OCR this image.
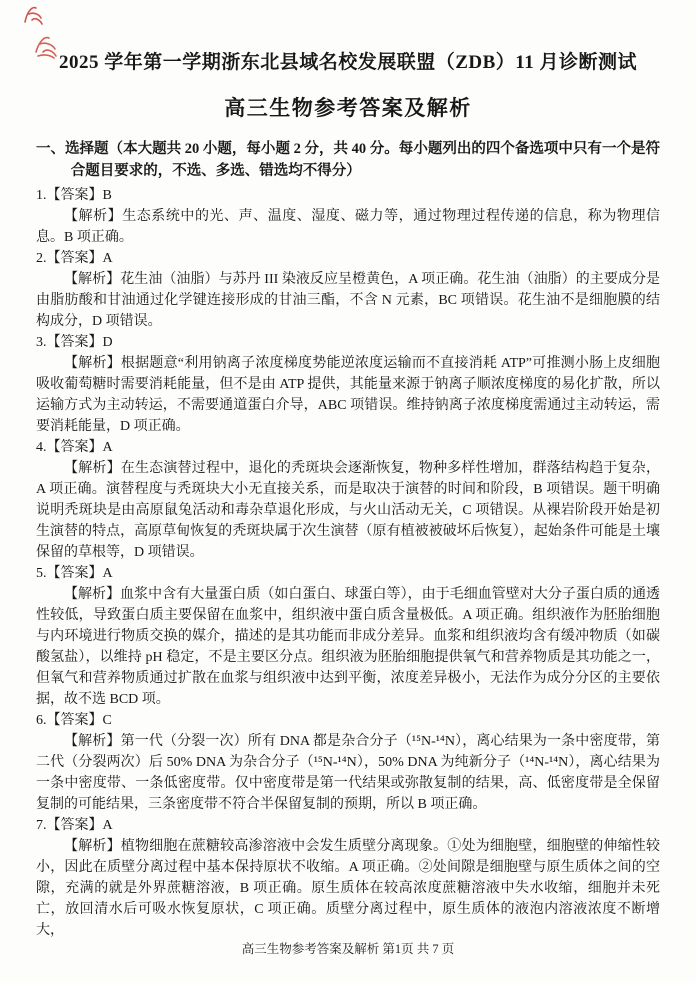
2025 学年第一学期浙东北县域名校发展联盟（ZDB）11 月诊断测试
高三生物参考答案及解析

一、选择题（本大题共 20 小题，每小题 2 分，共 40 分。每小题列出的四个备选项中只有一个是符合题目要求的，不选、多选、错选均不得分）

1.【答案】B

【解析】生态系统中的光、声、温度、湿度、磁力等，通过物理过程传递的信息，称为物理信息。B 项正确。

2.【答案】A

【解析】花生油（油脂）与苏丹 III 染液反应呈橙黄色，A 项正确。花生油（油脂）的主要成分是由脂肪酸和甘油通过化学键连接形成的甘油三酯，不含 N 元素，BC 项错误。花生油不是细胞膜的结构成分，D 项错误。

3.【答案】D

【解析】根据题意“利用钠离子浓度梯度势能逆浓度运输而不直接消耗 ATP”可推测小肠上皮细胞吸收葡萄糖时需要消耗能量，但不是由 ATP 提供，其能量来源于钠离子顺浓度梯度的易化扩散，所以运输方式为主动转运，不需要通道蛋白介导，ABC 项错误。维持钠离子浓度梯度需通过主动转运，需要消耗能量，D 项正确。

4.【答案】A

【解析】在生态演替过程中，退化的秃斑块会逐渐恢复，物种多样性增加，群落结构趋于复杂，A 项正确。演替程度与秃斑块大小无直接关系，而是取决于演替的时间和阶段，B 项错误。题干明确说明秃斑块是由高原鼠兔活动和毒杂草退化形成，与火山活动无关，C 项错误。从裸岩阶段开始是初生演替的特点，高原草甸恢复的秃斑块属于次生演替（原有植被被破坏后恢复），起始条件可能是土壤保留的草根等，D 项错误。

5.【答案】A

【解析】血浆中含有大量蛋白质（如白蛋白、球蛋白等），由于毛细血管壁对大分子蛋白质的通透性较低，导致蛋白质主要保留在血浆中，组织液中蛋白质含量极低。A 项正确。组织液作为胚胎细胞与内环境进行物质交换的媒介，描述的是其功能而非成分差异。血浆和组织液均含有缓冲物质（如碳酸氢盐），以维持 pH 稳定，不是主要区分点。组织液为胚胎细胞提供氧气和营养物质是其功能之一，但氧气和营养物质通过扩散在血浆与组织液中达到平衡，浓度差异极小，无法作为成分分区的主要依据，故不选 BCD 项。

6.【答案】C

【解析】第一代（分裂一次）所有 DNA 都是杂合分子（¹⁵N-¹⁴N），离心结果为一条中密度带，第二代（分裂两次）后 50% DNA 为杂合分子（¹⁵N-¹⁴N），50% DNA 为纯新分子（¹⁴N-¹⁴N），离心结果为一条中密度带、一条低密度带。仅中密度带是第一代结果或弥散复制的结果，高、低密度带是全保留复制的可能结果，三条密度带不符合半保留复制的预期，所以 B 项正确。

7.【答案】A

【解析】植物细胞在蔗糖较高渗溶液中会发生质壁分离现象。①处为细胞壁，细胞壁的伸缩性较小，因此在质壁分离过程中基本保持原状不收缩。A 项正确。②处间隙是细胞壁与原生质体之间的空隙，充满的就是外界蔗糖溶液，B 项正确。原生质体在较高浓度蔗糖溶液中失水收缩，细胞并未死亡，放回清水后可吸水恢复原状，C 项正确。质壁分离过程中，原生质体的液泡内溶液浓度不断增大，

高三生物参考答案及解析 第1页 共 7 页
